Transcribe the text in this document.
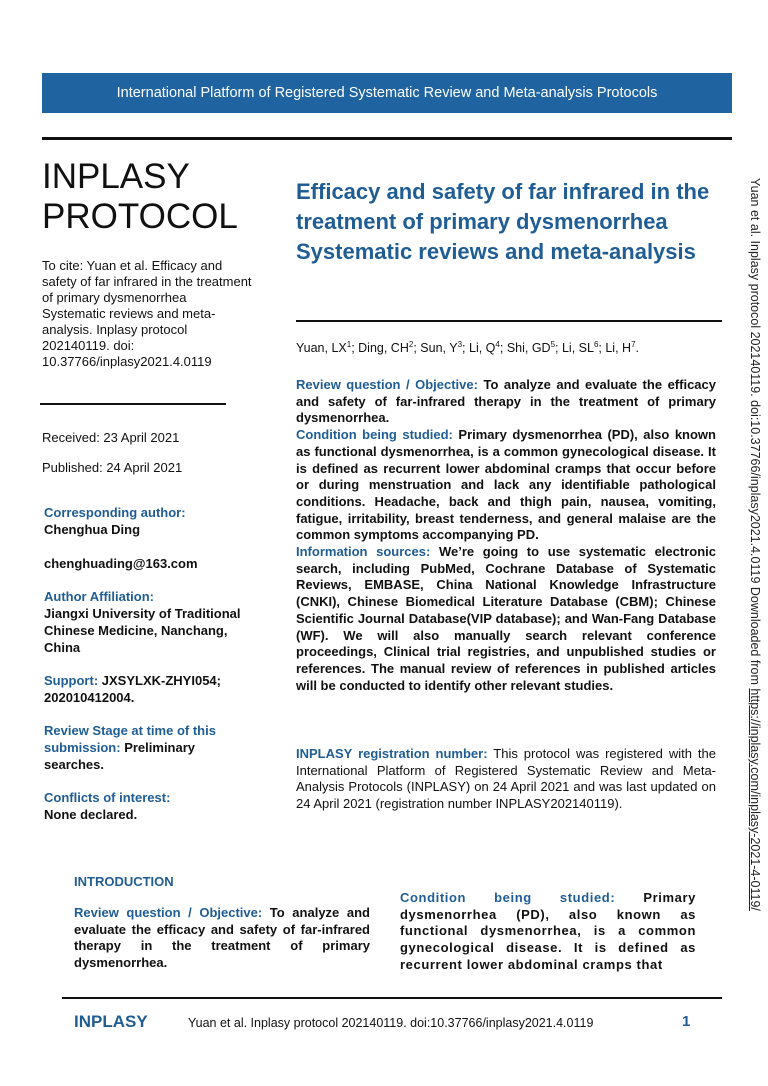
International Platform of Registered Systematic Review and Meta-analysis Protocols
INPLASY
PROTOCOL
To cite: Yuan et al. Efficacy and safety of far infrared in the treatment of primary dysmenorrhea Systematic reviews and meta-analysis. Inplasy protocol 202140119. doi: 10.37766/inplasy2021.4.0119
Received: 23 April 2021
Published: 24 April 2021
Corresponding author:
Chenghua Ding
chenghuading@163.com
Author Affiliation:
Jiangxi University of Traditional Chinese Medicine, Nanchang, China
Support: JXSYLXK-ZHYI054; 202010412004.
Review Stage at time of this submission: Preliminary searches.
Conflicts of interest:
None declared.
Efficacy and safety of far infrared in the treatment of primary dysmenorrhea Systematic reviews and meta-analysis
Yuan, $LX^1$; Ding, $CH^2$; Sun, $Y^3$; Li, $Q^4$; Shi, $GD^5$; Li, $SL^6$; Li, $H^7$.

Review question / Objective: To analyze and evaluate the efficacy and safety of far-infrared therapy in the treatment of primary dysmenorrhea.

Condition being studied: Primary dysmenorrhea (PD), also known as functional dysmenorrhea, is a common gynecological disease. It is defined as recurrent lower abdominal cramps that occur before or during menstruation and lack any identifiable pathological conditions. Headache, back and thigh pain, nausea, vomiting, fatigue, irritability, breast tenderness, and general malaise are the common symptoms accompanying PD.

Information sources: We’re going to use systematic electronic search, including PubMed, Cochrane Database of Systematic Reviews, EMBASE, China National Knowledge Infrastructure (CNKI), Chinese Biomedical Literature Database (CBM); Chinese Scientific Journal Database(VIP database); and Wan-Fang Database (WF). We will also manually search relevant conference proceedings, Clinical trial registries, and unpublished studies or references. The manual review of references in published articles will be conducted to identify other relevant studies.

INPLASY registration number: This protocol was registered with the International Platform of Registered Systematic Review and Meta-Analysis Protocols (INPLASY) on 24 April 2021 and was last updated on 24 April 2021 (registration number INPLASY202140119).
INTRODUCTION
Review question / Objective: To analyze and evaluate the efficacy and safety of far-infrared therapy in the treatment of primary dysmenorrhea.
Condition being studied: Primary dysmenorrhea (PD), also known as functional dysmenorrhea, is a common gynecological disease. It is defined as recurrent lower abdominal cramps that
INPLASY	Yuan et al. Inplasy protocol 202140119. doi:10.37766/inplasy2021.4.0119	1
Yuan et al. Inplasy protocol 202140119. doi:10.37766/inplasy2021.4.0119 Downloaded from https://inplasy.com/inplasy-2021-4-0119/
